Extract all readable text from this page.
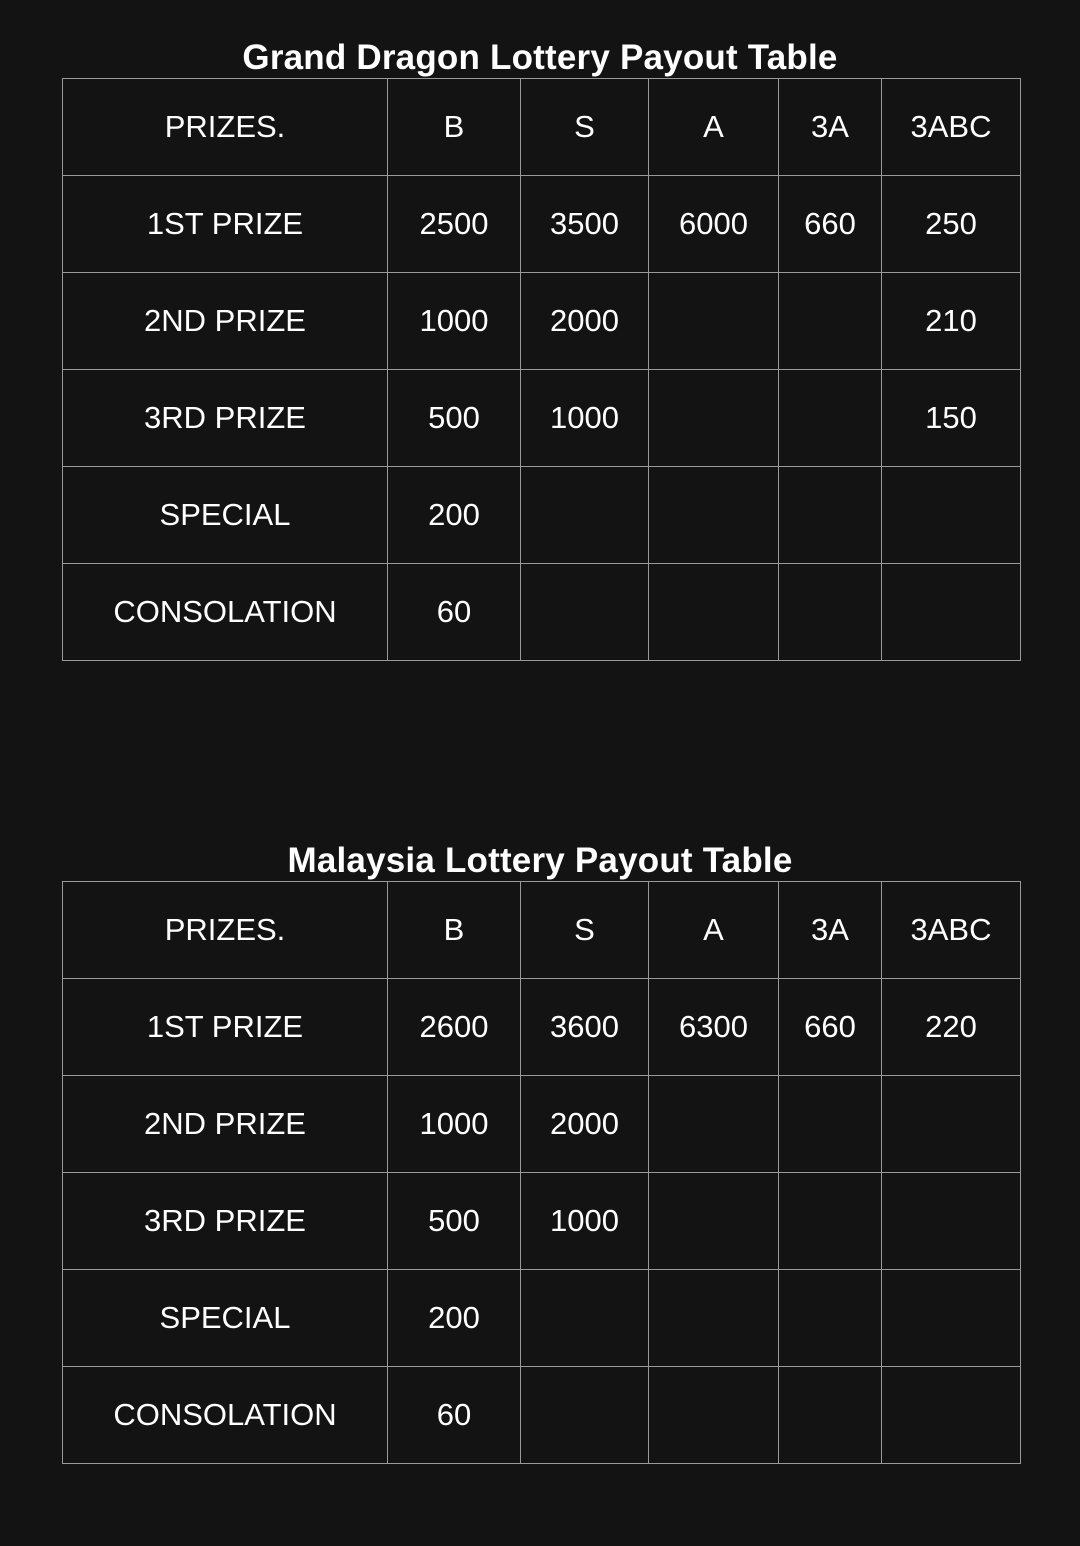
Grand Dragon Lottery Payout Table
PRIZES.	B	S	A	3A	3ABC
1ST PRIZE	2500	3500	6000	660	250
2ND PRIZE	1000	2000			210
3RD PRIZE	500	1000			150
SPECIAL	200				
CONSOLATION	60				
Malaysia Lottery Payout Table
PRIZES.	B	S	A	3A	3ABC
1ST PRIZE	2600	3600	6300	660	220
2ND PRIZE	1000	2000			
3RD PRIZE	500	1000			
SPECIAL	200				
CONSOLATION	60				
